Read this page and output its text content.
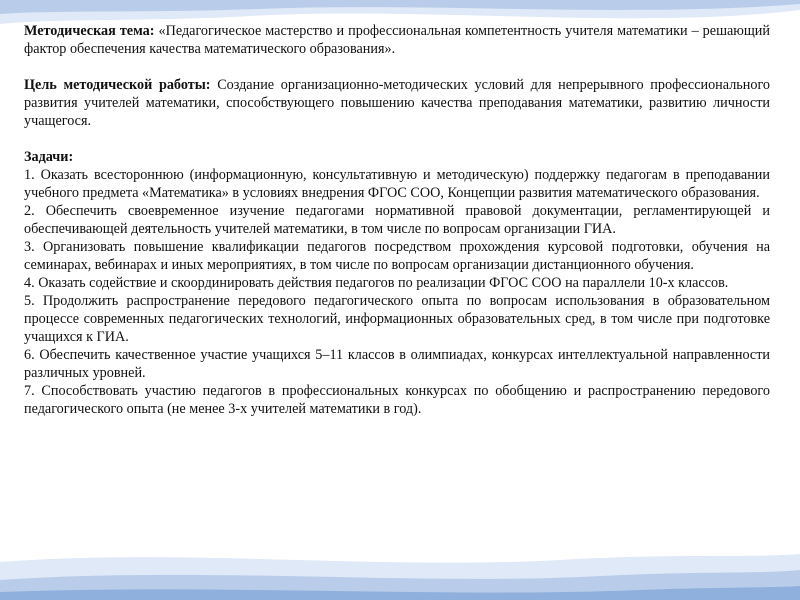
Методическая тема: «Педагогическое мастерство и профессиональная компетентность учителя математики – решающий фактор обеспечения качества математического образования».

Цель методической работы: Создание организационно-методических условий для непрерывного профессионального развития учителей математики, способствующего повышению качества преподавания математики, развитию личности учащегося.

Задачи:

1. Оказать всестороннюю (информационную, консультативную и методическую) поддержку педагогам в преподавании учебного предмета «Математика» в условиях внедрения ФГОС СОО, Концепции развития математического образования.

2. Обеспечить своевременное изучение педагогами нормативной правовой документации, регламентирующей и обеспечивающей деятельность учителей математики, в том числе по вопросам организации ГИА.

3. Организовать повышение квалификации педагогов посредством прохождения курсовой подготовки, обучения на семинарах, вебинарах и иных мероприятиях, в том числе по вопросам организации дистанционного обучения.

4. Оказать содействие и скоординировать действия педагогов по реализации ФГОС СОО на параллели 10-х классов.

5. Продолжить распространение передового педагогического опыта по вопросам использования в образовательном процессе современных педагогических технологий, информационных образовательных сред, в том числе при подготовке учащихся к ГИА.

6. Обеспечить качественное участие учащихся 5–11 классов в олимпиадах, конкурсах интеллектуальной направленности различных уровней.

7. Способствовать участию педагогов в профессиональных конкурсах по обобщению и распространению передового педагогического опыта (не менее 3-х учителей математики в год).
